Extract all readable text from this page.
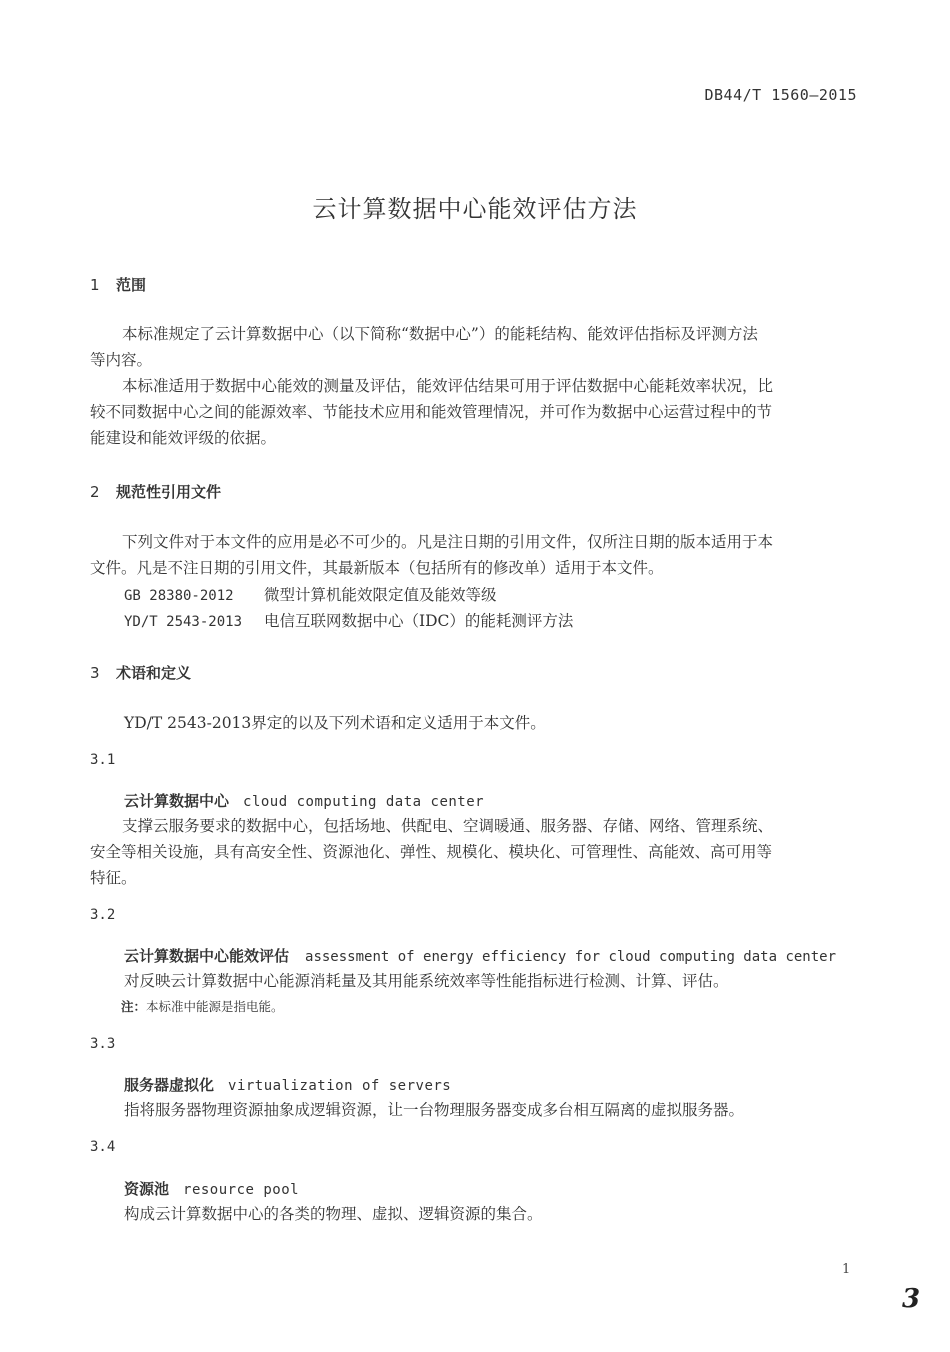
DB44/T 1560—2015
云计算数据中心能效评估方法
1 范围
本标准规定了云计算数据中心（以下简称“数据中心”）的能耗结构、能效评估指标及评测方法
等内容。
本标准适用于数据中心能效的测量及评估，能效评估结果可用于评估数据中心能耗效率状况，比
较不同数据中心之间的能源效率、节能技术应用和能效管理情况，并可作为数据中心运营过程中的节
能建设和能效评级的依据。
2 规范性引用文件
下列文件对于本文件的应用是必不可少的。凡是注日期的引用文件，仅所注日期的版本适用于本
文件。凡是不注日期的引用文件，其最新版本（包括所有的修改单）适用于本文件。
GB 28380-2012 微型计算机能效限定值及能效等级
YD/T 2543-2013 电信互联网数据中心（IDC）的能耗测评方法
3 术语和定义
YD/T 2543-2013界定的以及下列术语和定义适用于本文件。
3.1
云计算数据中心 cloud computing data center
支撑云服务要求的数据中心，包括场地、供配电、空调暖通、服务器、存储、网络、管理系统、
安全等相关设施，具有高安全性、资源池化、弹性、规模化、模块化、可管理性、高能效、高可用等
特征。
3.2
云计算数据中心能效评估 assessment of energy efficiency for cloud computing data center
对反映云计算数据中心能源消耗量及其用能系统效率等性能指标进行检测、计算、评估。
注：本标准中能源是指电能。
3.3
服务器虚拟化 virtualization of servers
指将服务器物理资源抽象成逻辑资源，让一台物理服务器变成多台相互隔离的虚拟服务器。
3.4
资源池 resource pool
构成云计算数据中心的各类的物理、虚拟、逻辑资源的集合。
1
3
